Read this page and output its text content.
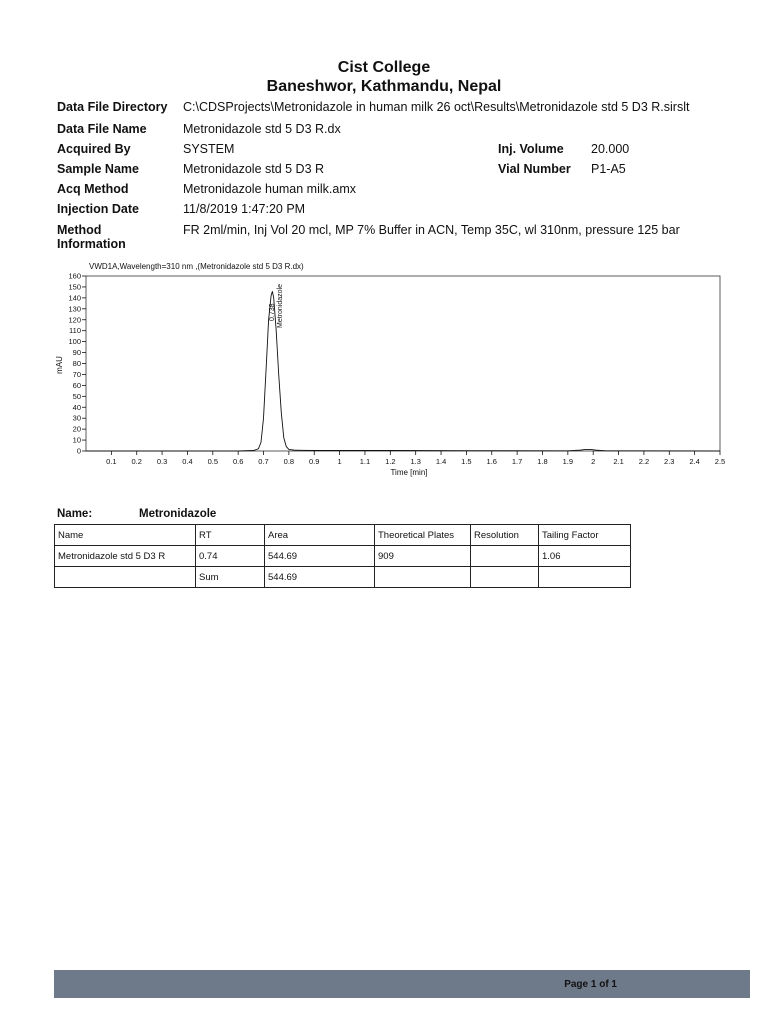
Cist College
Baneshwor, Kathmandu, Nepal
Data File Directory C:\CDSProjects\Metronidazole in human milk 26 oct\Results\Metronidazole std 5 D3 R.sirslt
Data File Name	Metronidazole std 5 D3 R.dx
Acquired By	SYSTEM	Inj. Volume 20.000
Sample Name	Metronidazole std 5 D3 R	Vial Number P1-A5
Acq Method	Metronidazole human milk.amx
Injection Date	11/8/2019 1:47:20 PM
Method
Information
FR 2ml/min, Inj Vol 20 mcl, MP 7% Buffer in ACN, Temp 35C, wl 310nm, pressure 125 bar
VWD1A,Wavelength=310 nm ,(Metronidazole std 5 D3 R.dx)
0
10
20
30
40
50
60
70
80
90
100
110
120
130
140
150
160
0.1 0.2 0.3 0.4 0.5 0.6 0.7 0.8 0.9 1 1.1 1.2 1.3 1.4 1.5 1.6 1.7 1.8 1.9 2 2.1 2.2 2.3 2.4 2.5
Time [min]
mAU
0.738 Metronidazole
Name:	Metronidazole
Name	RT	Area	Theoretical Plates	Resolution	Tailing Factor
Metronidazole std 5 D3 R	0.74	544.69	909		1.06
	Sum	544.69			
Page 1 of 1
